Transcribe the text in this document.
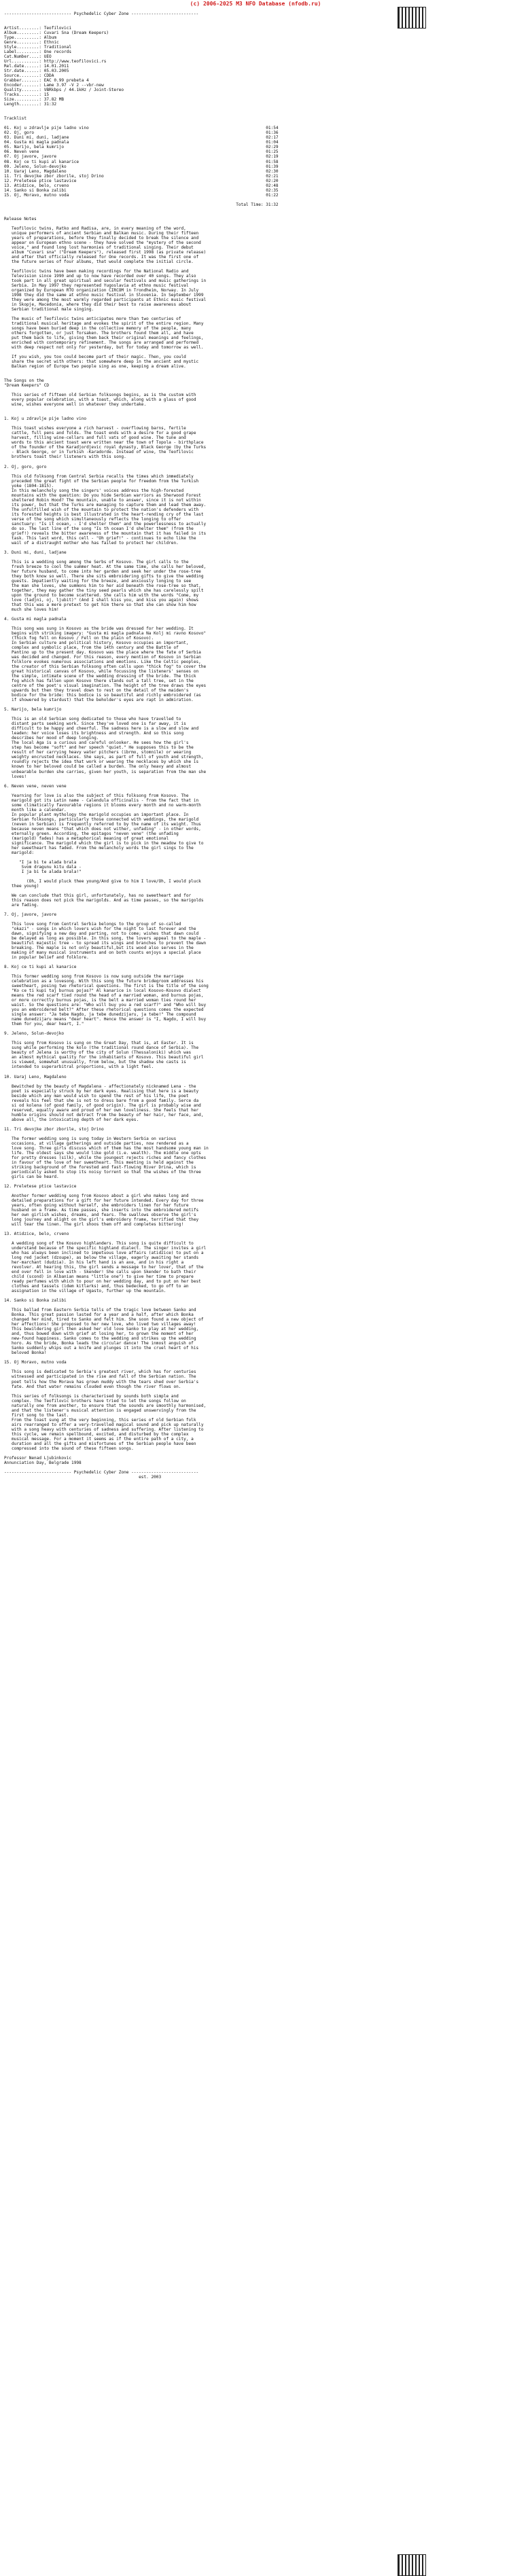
(c) 2006-2025 M3 NFO Database (nfodb.ru)

--------------------------- Psychedelic Cyber Zone ---------------------------

Artist........: Teofilovici
Album.........: Cuvari Sna (Dream Keepers)
Type..........: Album
Genre.........: Ethnic
Style.........: Traditional
Label.........: One records
Cat.Number....: UEO
Url...........: http://www.teofilovici.rs
Rel.date......: 14.01.2011
Str.date......: 05.03.2005
Source........: CDDA
Grabber.......: EAC 0.99 prebeta 4
Encoder.......: Lame 3.97 -V 2 --vbr-new
Quality.......: VBRkbps / 44.1kHz / Joint-Stereo
Tracks........: 15
Size..........: 37.82 MB
Length........: 31:32

Tracklist

01. Koj u zdravlje pije ladno vino	01:54
02. Oj, goro	01:36
03. Duni mi, duni, ladjane	02:17
04. Gusta mi magla padnala	01:04
05. Narijo, bela kumrijo	02:29
06. Neven vene	01:25
07. Oj javore, javore	02:19
08. Koj ce ti kupi al kanarice	01:58
09. Jeleno, Solun-devojko	01:39
10. Uaraj Leno, Magdaleno	02:30
11. Tri devojke zbor zborile, stoj Drino	02:21
12. Preletese ptice lastavice	02:20
13. Atidzice, belo, crveno	02:48
14. Sanko si Bonka zalibi	02:35
15. Oj, Moravo, mutno voda	01:22

Total Time: 31:32

Release Notes

Teofilovic twins, Ratko and Radisa, are, in every meaning of the word,
unique performers of ancient Serbian and Balkan music. During their fifteen
years of preparations, before they finally decided to break the silence and
appear on European ethno scene - they have solved the "mystery of the second
voice," and found long lost harmonies of traditional singing. Their debut
album "Cuvari sna" ("Dream Keepers"), released first 1998 (as private release)
and after that officially released for One records. It was the first one of
the future series of four albums, that would complete the initial circle.

Teofilovic twins have been making recordings for the National Radio and
Television since 1990 and up to now have recorded over 40 songs. They also
took part in all great spiritual and secular festivals and music gatherings in
Serbia. In May 1997 they represented Yugoslavia at ethno music festival
organized by European RTO organization CIRCOM in Trondheim, Norway. In July
1998 they did the same at ethno music festival in Slovenia. In September 1999
they were among the most warmly regarded participants at Ethnic music festival
in Skopje, Macedonia, where they did their best to raise awareness about
Serbian traditional male singing.

The music of Teofilovic twins anticipates more than two centuries of
traditional musical heritage and evokes the spirit of the entire region. Many
songs have been buried deep in the collective memory of the people, many
others forgotten, or just forsaken. The brothers found them all, and have
put them back to life, giving them back their original meanings and feelings,
enriched with contemporary refinement. The songs are arranged and performed
with deep respect not only for yesterday, but for today and tomorrow as well.

If you wish, you too could become part of their magic. Then, you could
share the secret with others: that somewhere deep in the ancient and mystic
Balkan region of Europe two people sing as one, keeping a dream alive.

The Songs on the
"Dream Keepers" CD

This series of fifteen old Serbian folksongs begins, as is the custom with
every popular celebration, with a toast, which, along with a glass of good
wine, wishes everyone well in whatever they undertake.

1. Koj u zdravlje pije ladno vino

This toast wishes everyone a rich harvest - overflowing barns, fertile
cattle, full pens and folds. The toast ends with a desire for a good grape
harvest, filling wine-cellars and full vats of good wine. The tune and
words to this ancient toast were written near the town of Topola - birthplace
of the founder of the Karadjordjevic royal dynasty, Black George (by the Turks
- Black George, or in Turkish -Karadorde. Instead of wine, the Teofilovic
brothers toast their listeners with this song.

2. Oj, goro, goro

This old folksong from Central Serbia recalls the times which immediately
preceded the great fight of the Serbian people for freedom from the Turkish
yoke (1804-1815).
In this melancholy song the singers' voices address the high-forested
mountains with the question: Do you hide Serbian warriors as Sherwood Forest
sheltered Robin Hood? The mountain, unable to answer, since it is not within
its power, but that the Turks are managing to capture them and lead them away.
The unfulfilled wish of the mountain to protect the nation's defenders with
its forested heights is best illustrated in the heart-rending cry of the last
verse of the song which simultaneously reflects the longing to offer
sanctuary: "Is it ocean, - I'd shelter them" and the powerlessness to actually
do so. The last line of the song "Is th ocean I'd shelter them" (from the
grief!) reveals the bitter awareness of the mountain that it has failed in its
task. This last word, this cell - "Oh grief!" - continues to echo like the
wail of a distraught mother who has failed to protect her children.

3. Duni mi, duni, ladjane

This is a wedding song among the Serbs of Kosovo. The girl calls to the
fresh breeze to cool the summer heat. At the same time, she calls her beloved,
her future husband, to come into her garden and seek her under the rose-tree
they both know so well. There she sits embroidering gifts to give the wedding
guests. Impatiently waiting for the breeze, and anxiously longing to see
the man she loves, she summons him to her aid beneath the rose-tree so that,
together, they may gather the tiny seed pearls which she has carelessly spilt
upon the ground to become scattered. She calls him with the words "Come, my
love (ladjni, oj, ljubit)" (And I shall kiss you, and kiss you again) shows
that this was a mere pretext to get him there so that she can show him how
much she loves him!

4. Gusta mi magla padnala

This song was sung in Kosovo as the bride was dressed for her wedding. It
begins with striking imagery: "Gusta mi magla padnala Na Kolj mi ravno Kosovo"
(Thick fog fell on Kosovo / Fell on the plain of Kosovo).
In Serbian culture and political history, Kosovo occupies an important,
complex and symbolic place, from the 14th century and the Battle of
Pantino up to the present day. Kosovo was the place where the fate of Serbia
was decided and changed. For this reason, every mention of Kosovo in Serbian
folklore evokes numerous associations and emotions. Like the Celtic peoples,
the creator of this Serbian folksong often calls upon "thick fog" to cover the
great historical canvas of Kosovo, while focussing the listeners' senses on
the simple, intimate scene of the wedding dressing of the bride. The thick
fog which has fallen upon Kosovo there stands out a tall tree, set in the
centre of the poet's visual imagination. The height of the tree draws the eyes
upwards but then they travel down to rest on the detail of the maiden's
bodice for the bride: this bodice is so beautiful and richly embroidered (as
if showered by stardust) that the beholder's eyes are rapt in admiration.

5. Narijo, bela kumrijo

This is an old Serbian song dedicated to those who have travelled to
distant parts seeking work. Since they've loved one is far away, it is
difficult to be happy and cheerful. The sadness here is a slow and slow and
leaden: her voice loses its brightness and strength. And so this song
describes her mood of deep longing.
The local Aga is a curious and careful onlooker. He sees how the girl's
step has become "soft" and her speech "quiet." He supposes this to be the
result of her carrying heavy water pitchers (ibrmo, stomnile) or wearing
weighty encrusted necklaces. She says, as part of full of youth and strength,
roundly rejects the idea that work or wearing the necklaces by which she is
known to her beloved could be called a burden. The only heavy and almost
unbearable burden she carries, given her youth, is separation from the man she
loves!

6. Neven vene, neven vene

Yearning for love is also the subject of this folksong from Kosovo. The
marigold got its Latin name - Calendula officinalis - from the fact that in
some climatically favourable regions it blooms every month and no warm-month
month like a calendar.
In popular plant mythology the marigold occupies an important place. In
Serbian folksongs, particularly those connected with weddings, the marigold
(neven in Serbian) is frequently referred to by the name of its weight. Thus
because neven means "that which does not wither, unfading" - in other words,
eternally green. According, the epitagos "neven vene" (the unfading
(marigold) fades) has a metaphorical meaning of great emotional
significance. The marigold which the girl is to pick in the meadow to give to
her sweetheart has faded. From the melancholy words the girl sings to the
marigold:

"I ja bi te alada brala
Svom dragunu kitu dala -
I ja bi te alada brala!"

(Oh, I would pluck thee young/And give to him I love/Oh, I would pluck
thee young)

We can conclude that this girl, unfortunately, has no sweetheart and for
this reason does not pick the marigolds. And as time passes, so the marigolds
are fading.

7. Oj, javore, javore

This love song from Central Serbia belongs to the group of so-called
"okazi" - songs in which lovers wish for the night to last forever and the
dawn, signifying a new day and parting, not to come; wishes that dawn could
be delayed as long as possible. In this song, the lovers appeal to the maple -
beautiful majestic tree - to spread its wings and branches to prevent the dawn
breaking. The maple is not only beautiful,but its wood also serves in the
making of many musical instruments and on both counts enjoys a special place
in popular belief and folklore.

8. Koj ce ti kupi al kanarice

This former wedding song from Kosovo is now sung outside the marriage
celebration as a lovesong. With this song the future bridegroom addresses his
sweetheart, posing two rhetorical questions. The first is the title of the song
"Ko ce ti kupi taj burnus pojas?" Al kanarice in local Kosovo-Kosovo dialect
means the red scarf tied round the head of a married woman, and burnus pojas,
or more correctly burnus pojas, is the belt a married woman ties round her
waist. So the questions are: "Who will buy you a red scarf?" and "Who will buy
you an embroidered belt?" After these rhetorical questions comes the expected
single answer: "Ja tebe Nagdo, ja tebe dunedzijaru, ja tebe!" The compound
name dunedzijaru means "dear heart". Hence the answer is "I, Nagdo, I will buy
them for you, dear heart, I."

9. Jeleno, Solun-devojko

This song from Kosovo is sung on the Great Day, that is, at Easter. It is
sung while performing the kolo (the traditional round dance of Serbia). The
beauty of Jelena is worthy of the city of Solun (Thessaloniki) which was
an almost mythical quality for the inhabitants of Kosovo. This beautiful girl
is viewed, somewhat unusually, from below, but the shadow she casts is
intended to superarbitral proportions, with a light feel.

10. Uaraj Leno, Magdaleno

Bewitched by the beauty of Magdalena - affectionately nicknamed Lena - the
poet is especially struck by her dark eyes. Realising that here is a beauty
beside which any man would wish to spend the rest of his life, the poet
reveals his feel that she is not to dress bare from a good family. Serce da
si od kolena (of good family, of good origin). The girl is probably wise and
reserved, equally aware and proud of her own loveliness. She feels that her
humble origins should not detract from the beauty of her hair, her face, and,
above all, the intoxicating depth of her dark eyes.

11. Tri devojke zbor zborile, stoj Drino

The former wedding song is sung today in Western Serbia on various
occasions, at village gatherings and outside parties, now rendered as a
love song. Three girls discuss which of them has the most handsome young man in
life. The oldest says she would like gold (i.e. wealth). The middle one opts
for pretty dresses (silk), while the youngest rejects riches and fancy clothes
in favour of the love of her sweetheart. This meeting is held against the
striking background of the forested and fast-flowing River Drina, which is
periodically asked to stop its noisy torrent so that the wishes of the three
girls can be heard.

12. Preletese ptice lastavice

Another former wedding song from Kosovo about a girl who makes long and
detailed preparations for a gift for her future intended. Every day for three
years, often going without herself, she embroiders linen for her future
husband on a frame. As time passes, she inserts into the embroidered motifs
her own girlish wishes, dreams, and fears. The swallows observe the girl's
long journey and alight on the girl's embroidery frame, terrified that they
will tear the linen. The girl shoos them off and completes bittering!

13. Atidzice, belo, crveno

A wedding song of the Kosovo highlanders. This song is quite difficult to
understand because of the specific highland dialect. The singer invites a girl
who has always been inclined to impetuous love affairs (atidzice) to put on a
long red jacket (dzoupe), as below the village, eagerly awaiting her stands
her-marchant (dudzia). In his left hand is an axe, and in his right a
revolver. At hearing this, the girl sends a message to her lover, that of the
end over fell in love with - Skender! She calls upon Skender to bath their
child (scond) in Albanian means "little one") to give her time to prepare
ready perfumes with which to pour on her wedding day, and to put on her best
clothes and tassels (idem kitlarks) and, thus bedecked, to go off to an
assignation in the village of Ugasto, further up the mountain.

14. Sanko si Bonka zalibi

This ballad from Eastern Serbia tells of the tragic love between Sanko and
Bonka. This great passion lasted for a year and a half, after which Bonka
changed her mind, tired to Sanko and felt him. She soon found a new object of
her affections! She proposed to her new love, who lived two villages away!
This bewildering girl then asked her old love Sanko to play at her wedding,
and, thus bowed down with grief at losing her, to grown the moment of her
new-found happiness. Sanko comes to the wedding and strikes up the wedding
horo. As the bride, Bonka leads the circular dance! The inmost anguish of
Sanko suddenly whips out a knife and plunges it into the cruel heart of his
beloved Bonka!

15. Oj Moravo, mutno voda

This song is dedicated to Serbia's greatest river, which has for centuries
witnessed and participated in the rise and fall of the Serbian nation. The
poet tells how the Morava has grown muddy with the tears shed over Serbia's
fate. And that water remains clouded even though the river flows on.

This series of folksongs is characterised by sounds both simple and
complex. The Teofilovic brothers have tried to let the songs follow on
naturally one from another, to ensure that the sounds are smoothly harmonised,
and that the listener's musical attention is engaged unswervingly from the
first song to the last.
From the toast sung at the very beginning, this series of old Serbian folk
airs rearranged to offer a very-travelled magical sound and pick up naturally
with a song heavy with centuries of sadness and suffering. After listening to
this cycle, we remain spellbound, excited, and disturbed by the complex
musical message. For a moment it seems as if the entire path of a city, a
duration and all the gifts and misfortunes of the Serbian people have been
compressed into the sound of these fifteen songs.

Professor Nenad Ljubinkovic
Annunciation Day, Belgrade 1998

--------------------------- Psychedelic Cyber Zone ---------------------------
est. 2003
